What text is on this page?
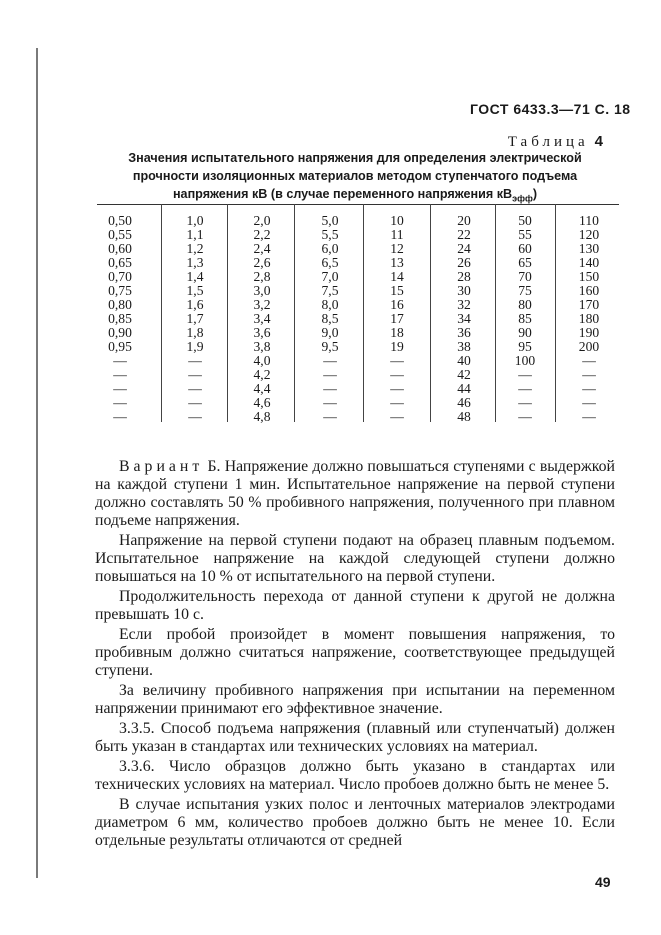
ГОСТ 6433.3—71 С. 18
Таблица 4
Значения испытательного напряжения для определения электрической
прочности изоляционных материалов методом ступенчатого подъема
напряжения кВ (в случае переменного напряжения $кВ_{эфф}$)
0,50
0,55
0,60
0,65
0,70
0,75
0,80
0,85
0,90
0,95
—
—
—
—
—
1,0
1,1
1,2
1,3
1,4
1,5
1,6
1,7
1,8
1,9
—
—
—
—
—
2,0
2,2
2,4
2,6
2,8
3,0
3,2
3,4
3,6
3,8
4,0
4,2
4,4
4,6
4,8
5,0
5,5
6,0
6,5
7,0
7,5
8,0
8,5
9,0
9,5
—
—
—
—
—
10
11
12
13
14
15
16
17
18
19
—
—
—
—
—
20
22
24
26
28
30
32
34
36
38
40
42
44
46
48
50
55
60
65
70
75
80
85
90
95
100
—
—
—
—
110
120
130
140
150
160
170
180
190
200
—
—
—
—
—

Вариант Б. Напряжение должно повышаться ступенями с выдержкой на каждой ступени 1 мин. Испытательное напряжение на первой ступени должно составлять 50 % пробивного напряжения, полученного при плавном подъеме напряжения.

Напряжение на первой ступени подают на образец плавным подъемом. Испытательное напряжение на каждой следующей ступени должно повышаться на 10 % от испытательного на первой ступени.

Продолжительность перехода от данной ступени к другой не должна превышать 10 с.

Если пробой произойдет в момент повышения напряжения, то пробивным должно считаться напряжение, соответствующее предыдущей ступени.

За величину пробивного напряжения при испытании на переменном напряжении принимают его эффективное значение.

3.3.5. Способ подъема напряжения (плавный или ступенчатый) должен быть указан в стандартах или технических условиях на материал.

3.3.6. Число образцов должно быть указано в стандартах или технических условиях на материал. Число пробоев должно быть не менее 5.

В случае испытания узких полос и ленточных материалов электродами диаметром 6 мм, количество пробоев должно быть не менее 10. Если отдельные результаты отличаются от средней

49
